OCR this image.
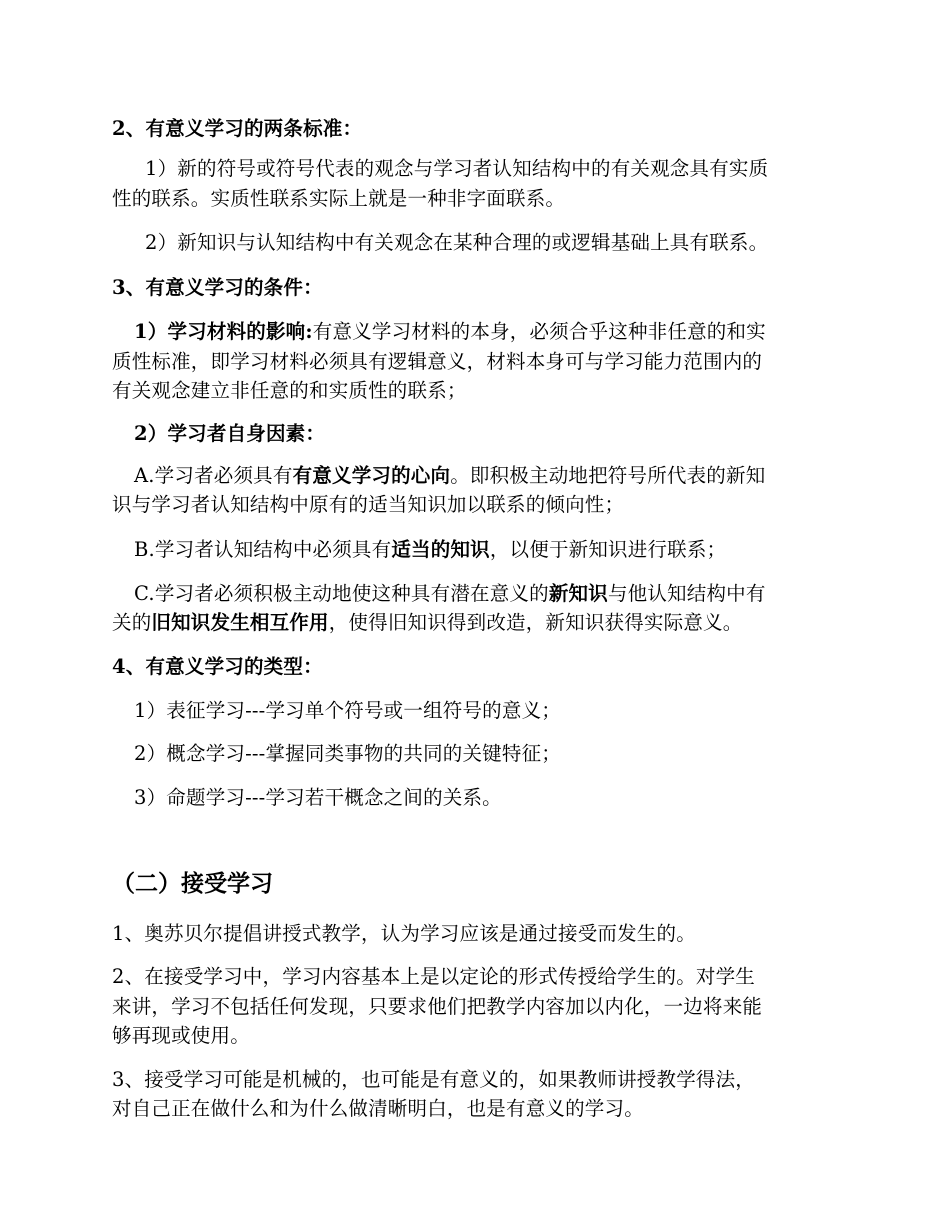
2、有意义学习的两条标准：
1）新的符号或符号代表的观念与学习者认知结构中的有关观念具有实质
性的联系。实质性联系实际上就是一种非字面联系。
2）新知识与认知结构中有关观念在某种合理的或逻辑基础上具有联系。
3、有意义学习的条件：
1）学习材料的影响:有意义学习材料的本身，必须合乎这种非任意的和实
质性标准，即学习材料必须具有逻辑意义，材料本身可与学习能力范围内的
有关观念建立非任意的和实质性的联系；
2）学习者自身因素：
A.学习者必须具有有意义学习的心向。即积极主动地把符号所代表的新知
识与学习者认知结构中原有的适当知识加以联系的倾向性；
B.学习者认知结构中必须具有适当的知识，以便于新知识进行联系；
C.学习者必须积极主动地使这种具有潜在意义的新知识与他认知结构中有
关的旧知识发生相互作用，使得旧知识得到改造，新知识获得实际意义。
4、有意义学习的类型：
1）表征学习---学习单个符号或一组符号的意义；
2）概念学习---掌握同类事物的共同的关键特征；
3）命题学习---学习若干概念之间的关系。
（二）接受学习
1、奥苏贝尔提倡讲授式教学，认为学习应该是通过接受而发生的。
2、在接受学习中，学习内容基本上是以定论的形式传授给学生的。对学生
来讲，学习不包括任何发现，只要求他们把教学内容加以内化，一边将来能
够再现或使用。
3、接受学习可能是机械的，也可能是有意义的，如果教师讲授教学得法，
对自己正在做什么和为什么做清晰明白，也是有意义的学习。
